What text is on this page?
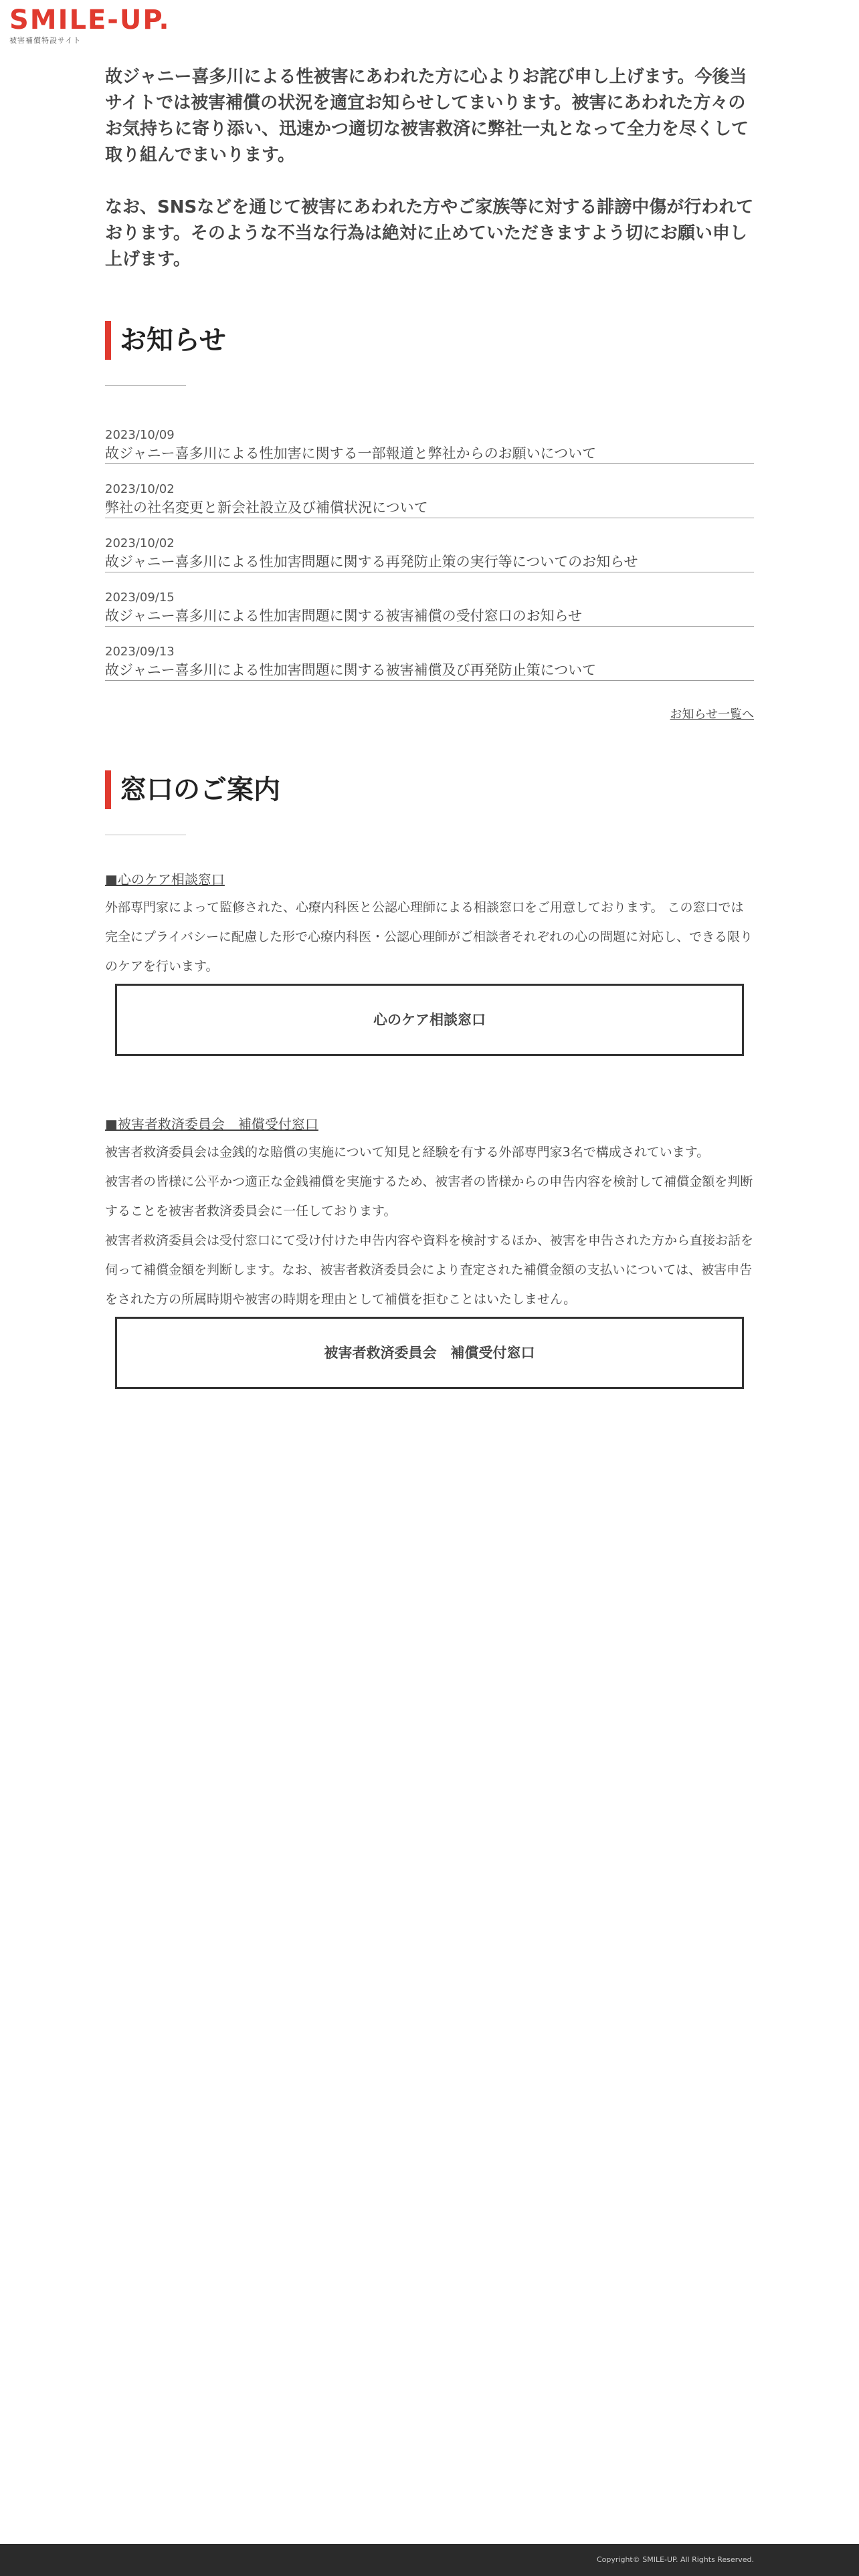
SMILE-UP.
被害補償特設サイト

故ジャニー喜多川による性被害にあわれた方に心よりお詫び申し上げます。今後当サイトでは被害補償の状況を適宜お知らせしてまいります。被害にあわれた方々のお気持ちに寄り添い、迅速かつ適切な被害救済に弊社一丸となって全力を尽くして取り組んでまいります。

なお、SNSなどを通じて被害にあわれた方やご家族等に対する誹謗中傷が行われております。そのような不当な行為は絶対に止めていただきますよう切にお願い申し上げます。

お知らせ
2023/10/09
故ジャニー喜多川による性加害に関する一部報道と弊社からのお願いについて
2023/10/02
弊社の社名変更と新会社設立及び補償状況について
2023/10/02
故ジャニー喜多川による性加害問題に関する再発防止策の実行等についてのお知らせ
2023/09/15
故ジャニー喜多川による性加害問題に関する被害補償の受付窓口のお知らせ
2023/09/13
故ジャニー喜多川による性加害問題に関する被害補償及び再発防止策について
お知らせ一覧へ
窓口のご案内
■心のケア相談窓口

外部専門家によって監修された、心療内科医と公認心理師による相談窓口をご用意しております。 この窓口では完全にプライバシーに配慮した形で心療内科医・公認心理師がご相談者それぞれの心の問題に対応し、できる限りのケアを行います。

心のケア相談窓口
■被害者救済委員会　補償受付窓口

被害者救済委員会は金銭的な賠償の実施について知見と経験を有する外部専門家3名で構成されています。

被害者の皆様に公平かつ適正な金銭補償を実施するため、被害者の皆様からの申告内容を検討して補償金額を判断することを被害者救済委員会に一任しております。

被害者救済委員会は受付窓口にて受け付けた申告内容や資料を検討するほか、被害を申告された方から直接お話を伺って補償金額を判断します。なお、被害者救済委員会により査定された補償金額の支払いについては、被害申告をされた方の所属時期や被害の時期を理由として補償を拒むことはいたしません。

被害者救済委員会　補償受付窓口
Copyright© SMILE-UP. All Rights Reserved.
